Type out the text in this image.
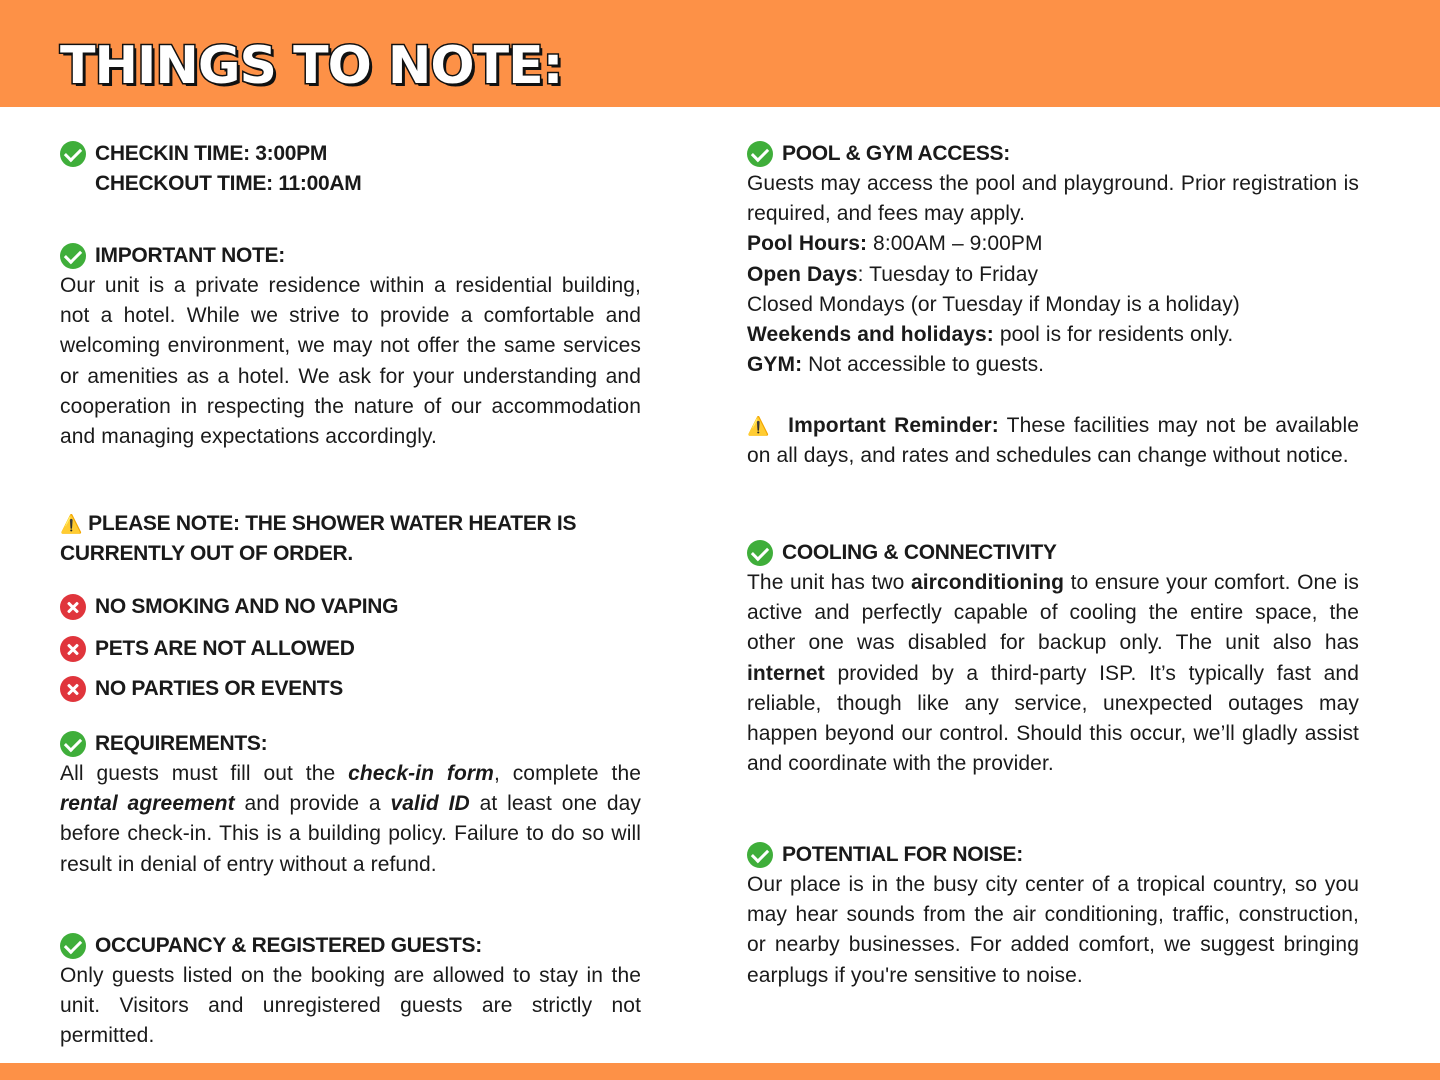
THINGS TO NOTE:
CHECKIN TIME: 3:00PM
CHECKOUT TIME: 11:00AM
IMPORTANT NOTE:

Our unit is a private residence within a residential building, not a hotel. While we strive to provide a comfortable and welcoming environment, we may not offer the same services or amenities as a hotel. We ask for your understanding and cooperation in respecting the nature of our accommodation and managing expectations accordingly.

⚠️ PLEASE NOTE: THE SHOWER WATER HEATER IS
CURRENTLY OUT OF ORDER.
NO SMOKING AND NO VAPING
PETS ARE NOT ALLOWED
NO PARTIES OR EVENTS
REQUIREMENTS:

All guests must fill out the check-in form, complete the rental agreement and provide a valid ID at least one day before check-in. This is a building policy. Failure to do so will result in denial of entry without a refund.

OCCUPANCY & REGISTERED GUESTS:

Only guests listed on the booking are allowed to stay in the unit. Visitors and unregistered guests are strictly not permitted.

POOL & GYM ACCESS:

Guests may access the pool and playground. Prior registration is required, and fees may apply.

Pool Hours: 8:00AM – 9:00PM

Open Days: Tuesday to Friday

Closed Mondays (or Tuesday if Monday is a holiday)

Weekends and holidays: pool is for residents only.

GYM: Not accessible to guests.

⚠️ Important Reminder: These facilities may not be available on all days, and rates and schedules can change without notice.

COOLING & CONNECTIVITY

The unit has two airconditioning to ensure your comfort. One is active and perfectly capable of cooling the entire space, the other one was disabled for backup only. The unit also has internet provided by a third-party ISP. It’s typically fast and reliable, though like any service, unexpected outages may happen beyond our control. Should this occur, we’ll gladly assist and coordinate with the provider.

POTENTIAL FOR NOISE:

Our place is in the busy city center of a tropical country, so you may hear sounds from the air conditioning, traffic, construction, or nearby businesses. For added comfort, we suggest bringing earplugs if you're sensitive to noise.
